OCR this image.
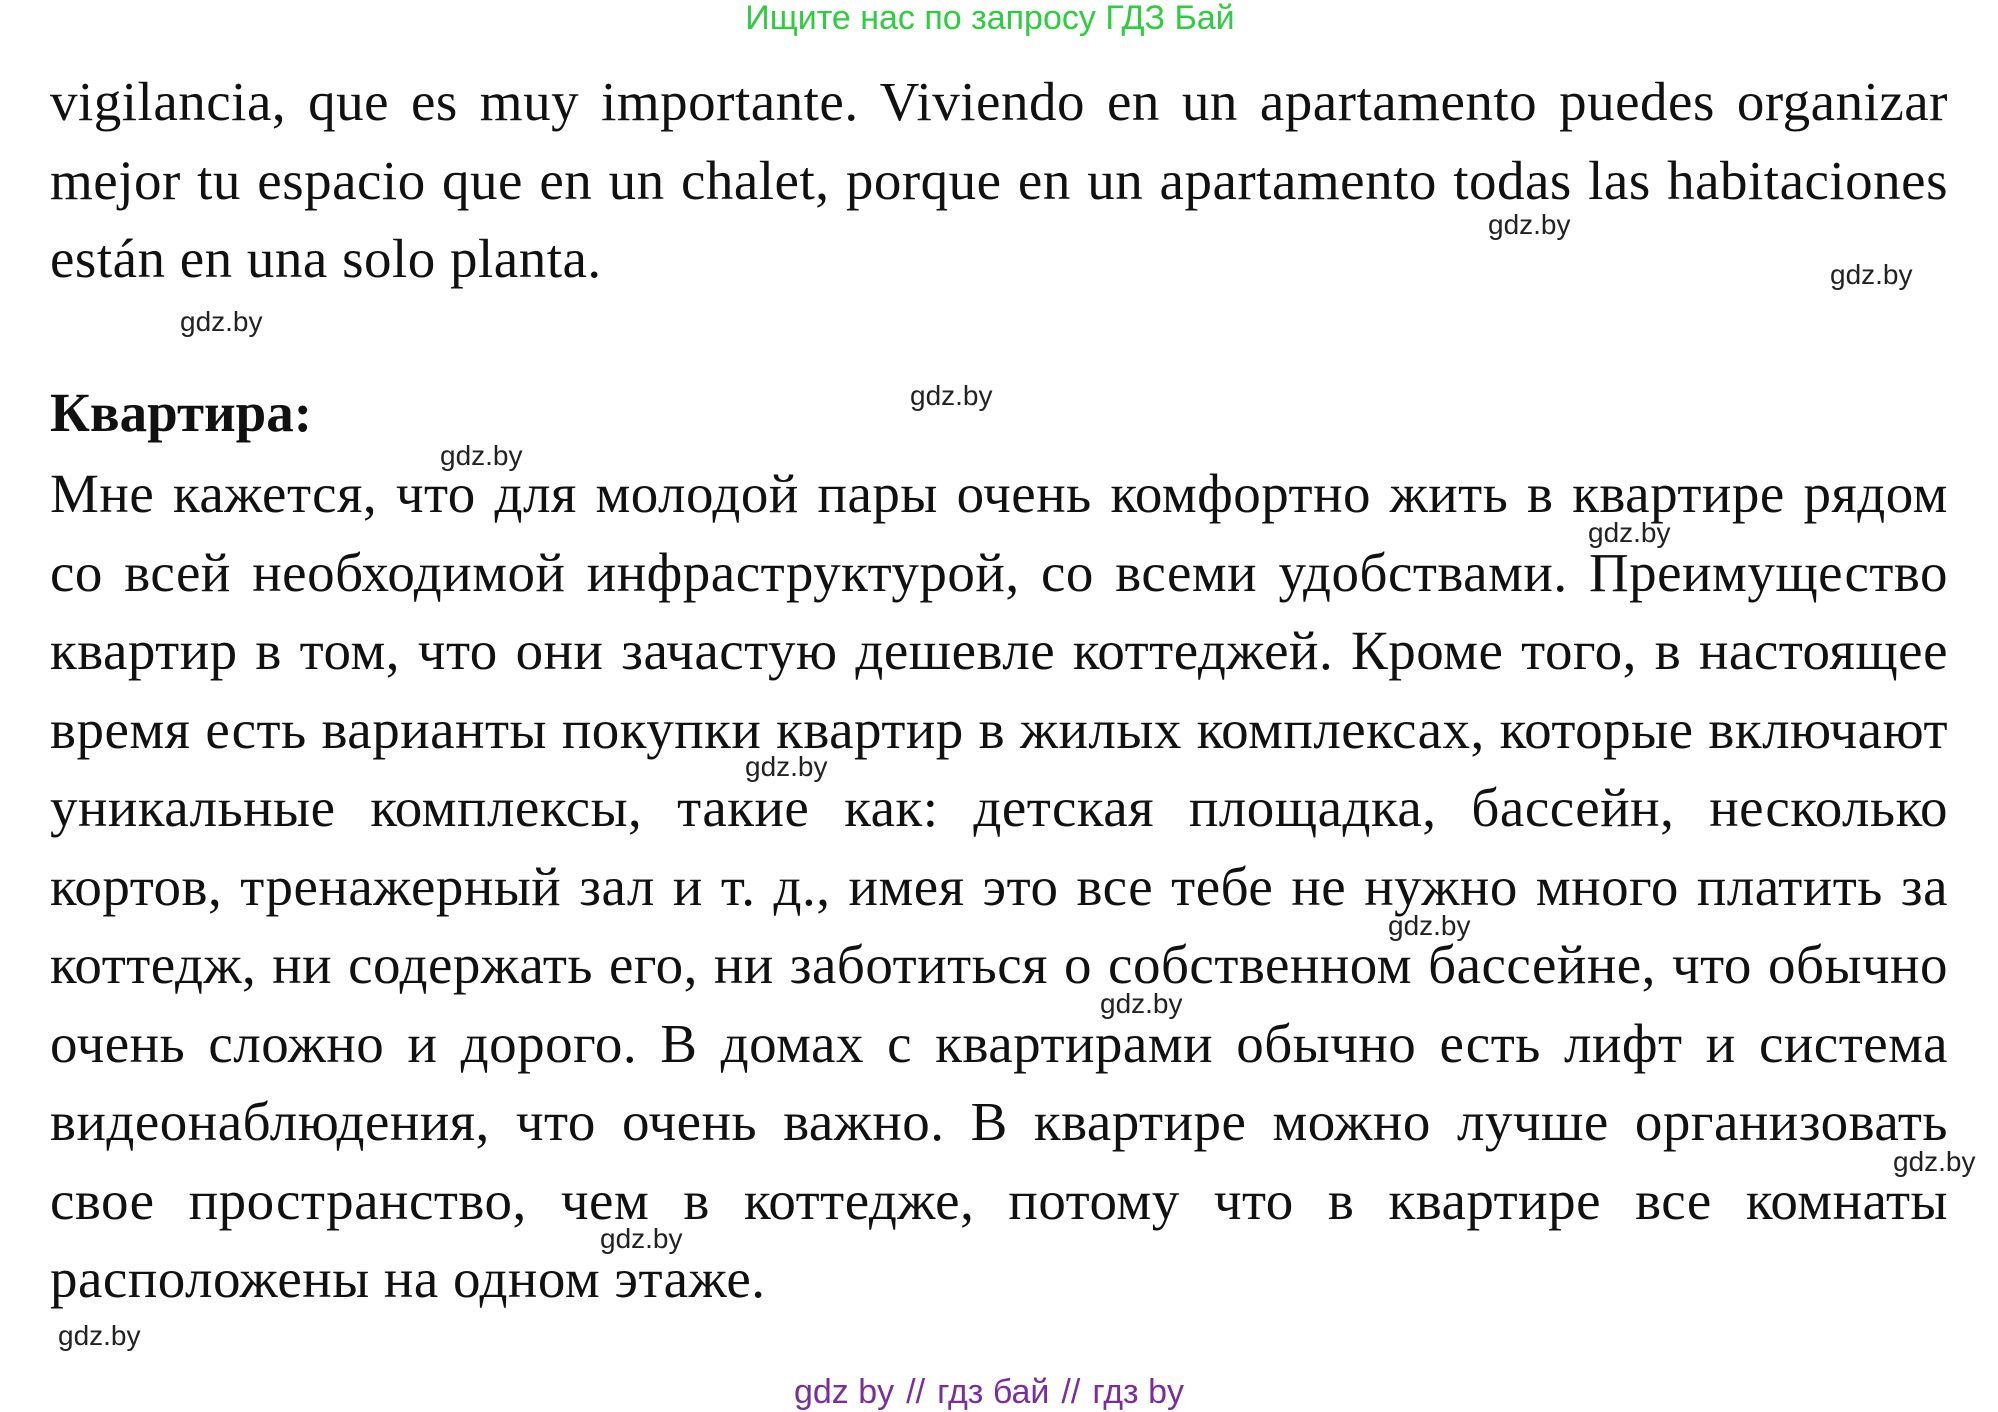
Ищите нас по запросу ГДЗ Бай

vigilancia, que es muy importante. Viviendo en un apartamento puedes organizar mejor tu espacio que en un chalet, porque en un apartamento todas las habitaciones están en una solo planta.

Квартира:

Мне кажется, что для молодой пары очень комфортно жить в квартире рядом со всей необходимой инфраструктурой, со всеми удобствами. Преимущество квартир в том, что они зачастую дешевле коттеджей. Кроме того, в настоящее время есть варианты покупки квартир в жилых комплексах, которые включают уникальные комплексы, такие как: детская площадка, бассейн, несколько кортов, тренажерный зал и т. д., имея это все тебе не нужно много платить за коттедж, ни содержать его, ни заботиться о собственном бассейне, что обычно очень сложно и дорого. В домах с квартирами обычно есть лифт и система видеонаблюдения, что очень важно. В квартире можно лучше организовать свое пространство, чем в коттедже, потому что в квартире все комнаты расположены на одном этаже.

gdz.by
gdz.by
gdz.by
gdz.by
gdz.by
gdz.by
gdz.by
gdz.by
gdz.by
gdz.by
gdz.by
gdz.by
gdz by // гдз бай // гдз by
